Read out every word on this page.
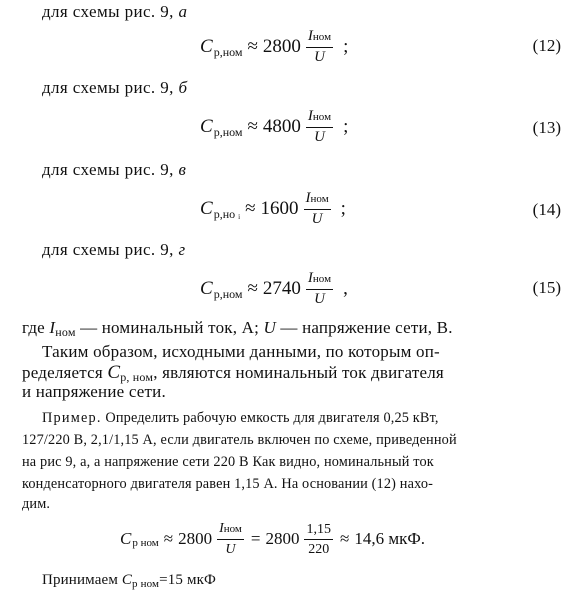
для схемы рис. 9, а
C $р,ном \approx 2800 \frac{\text{Iном}}{U}$ ;	(12)
для схемы рис. 9, б
C $р,ном \approx 4800 \frac{\text{Iном}}{U}$ ;	(13)
для схемы рис. 9, в
C р,но ᵢ ≈ $1600 \frac{\text{Iном}}{U}$ ;	(14)
для схемы рис. 9, г
C $р,ном \approx 2740 \frac{\text{Iном}}{U}$ ,	(15)
где Iном — номинальный ток, А; U — напряжение сети, В.
Таким образом, исходными данными, по которым оп-
ределяется Cр, ном, являются номинальный ток двигателя
и напряжение сети.
Пример. Определить рабочую емкость для двигателя 0,25 кВт,
127/220 В, 2,1/1,15 А, если двигатель включен по схеме, приведенной
на рис 9, а, а напряжение сети 220 В Как видно, номинальный ток
конденсаторного двигателя равен 1,15 А. На основании (12) нахо-
дим.
C р ном ≈ $2800 \frac{\text{Iном}}{U} = 2800 \frac{1,15}{220} \approx 14,6$ мкФ.
Принимаем $C_{р ном}=15$ мкФ
